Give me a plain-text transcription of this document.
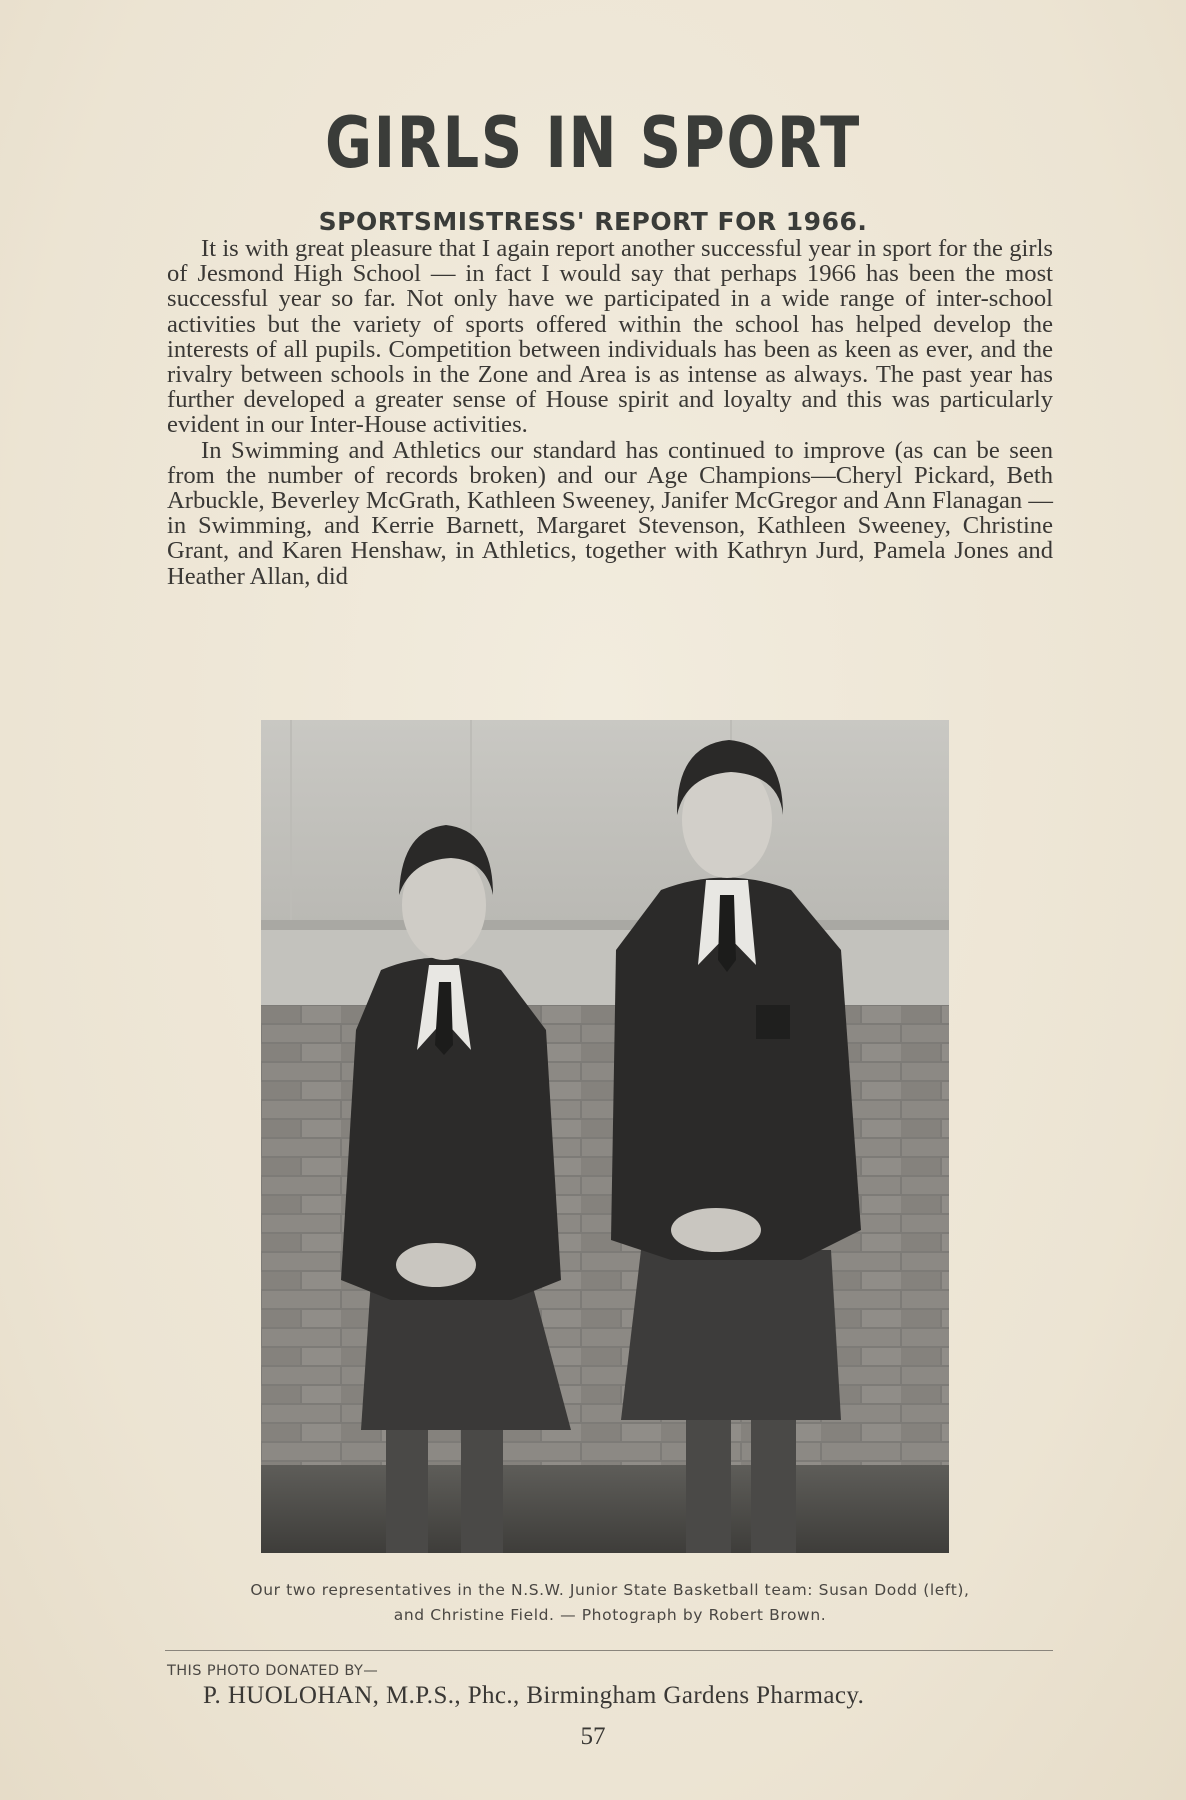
GIRLS IN SPORT
SPORTSMISTRESS' REPORT FOR 1966.

It is with great pleasure that I again report another successful year in sport for the girls of Jesmond High School — in fact I would say that perhaps 1966 has been the most successful year so far. Not only have we participated in a wide range of inter-school activities but the variety of sports offered within the school has helped develop the interests of all pupils. Competition between individuals has been as keen as ever, and the rivalry between schools in the Zone and Area is as intense as always. The past year has further developed a greater sense of House spirit and loyalty and this was particularly evident in our Inter-House activities.

In Swimming and Athletics our standard has continued to improve (as can be seen from the number of records broken) and our Age Champions—Cheryl Pickard, Beth Arbuckle, Beverley McGrath, Kathleen Sweeney, Janifer McGregor and Ann Flanagan — in Swimming, and Kerrie Barnett, Margaret Stevenson, Kathleen Sweeney, Christine Grant, and Karen Henshaw, in Athletics, together with Kathryn Jurd, Pamela Jones and Heather Allan, did

Our two representatives in the N.S.W. Junior State Basketball team: Susan Dodd (left),
and Christine Field. — Photograph by Robert Brown.
THIS PHOTO DONATED BY—
P. HUOLOHAN, M.P.S., Phc., Birmingham Gardens Pharmacy.
57
